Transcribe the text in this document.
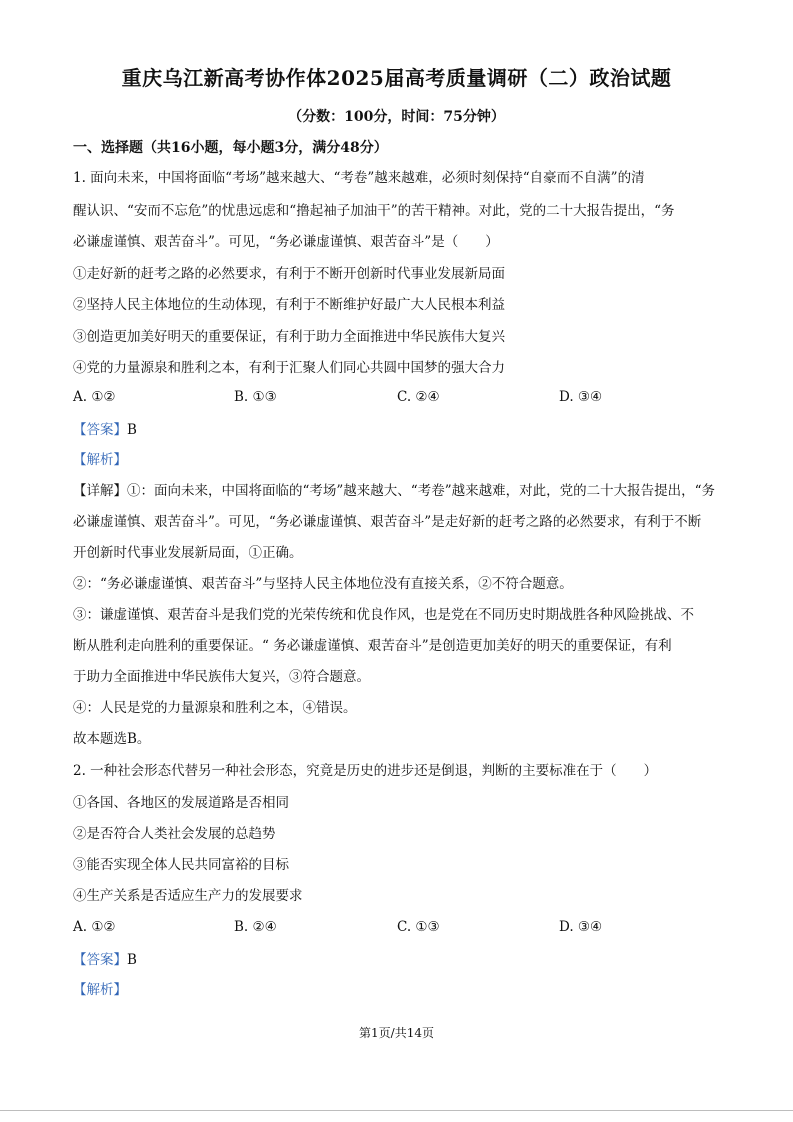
重庆乌江新高考协作体2025届高考质量调研（二）政治试题
（分数：100分，时间：75分钟）
一、选择题（共16小题，每小题3分，满分48分）
1. 面向未来，中国将面临“考场”越来越大、“考卷”越来越难，必须时刻保持“自豪而不自满”的清
醒认识、“安而不忘危”的忧患远虑和“撸起袖子加油干”的苦干精神。对此，党的二十大报告提出，“务
必谦虚谨慎、艰苦奋斗”。可见，“务必谦虚谨慎、艰苦奋斗”是（　　）
①走好新的赶考之路的必然要求，有利于不断开创新时代事业发展新局面
②坚持人民主体地位的生动体现，有利于不断维护好最广大人民根本利益
③创造更加美好明天的重要保证，有利于助力全面推进中华民族伟大复兴
④党的力量源泉和胜利之本，有利于汇聚人们同心共圆中国梦的强大合力
A. ①②	B. ①③	C. ②④	D. ③④
【答案】B
【解析】
【详解】①：面向未来，中国将面临的“考场”越来越大、“考卷”越来越难，对此，党的二十大报告提出，“务
必谦虚谨慎、艰苦奋斗”。可见，“务必谦虚谨慎、艰苦奋斗”是走好新的赶考之路的必然要求，有利于不断
开创新时代事业发展新局面，①正确。
②：“务必谦虚谨慎、艰苦奋斗”与坚持人民主体地位没有直接关系，②不符合题意。
③：谦虚谨慎、艰苦奋斗是我们党的光荣传统和优良作风，也是党在不同历史时期战胜各种风险挑战、不
断从胜利走向胜利的重要保证。“ 务必谦虚谨慎、艰苦奋斗”是创造更加美好的明天的重要保证，有利
于助力全面推进中华民族伟大复兴，③符合题意。
④：人民是党的力量源泉和胜利之本，④错误。
故本题选B。
2. 一种社会形态代替另一种社会形态，究竟是历史的进步还是倒退，判断的主要标准在于（　　）
①各国、各地区的发展道路是否相同
②是否符合人类社会发展的总趋势
③能否实现全体人民共同富裕的目标
④生产关系是否适应生产力的发展要求
A. ①②	B. ②④	C. ①③	D. ③④
【答案】B
【解析】
第1页/共14页
